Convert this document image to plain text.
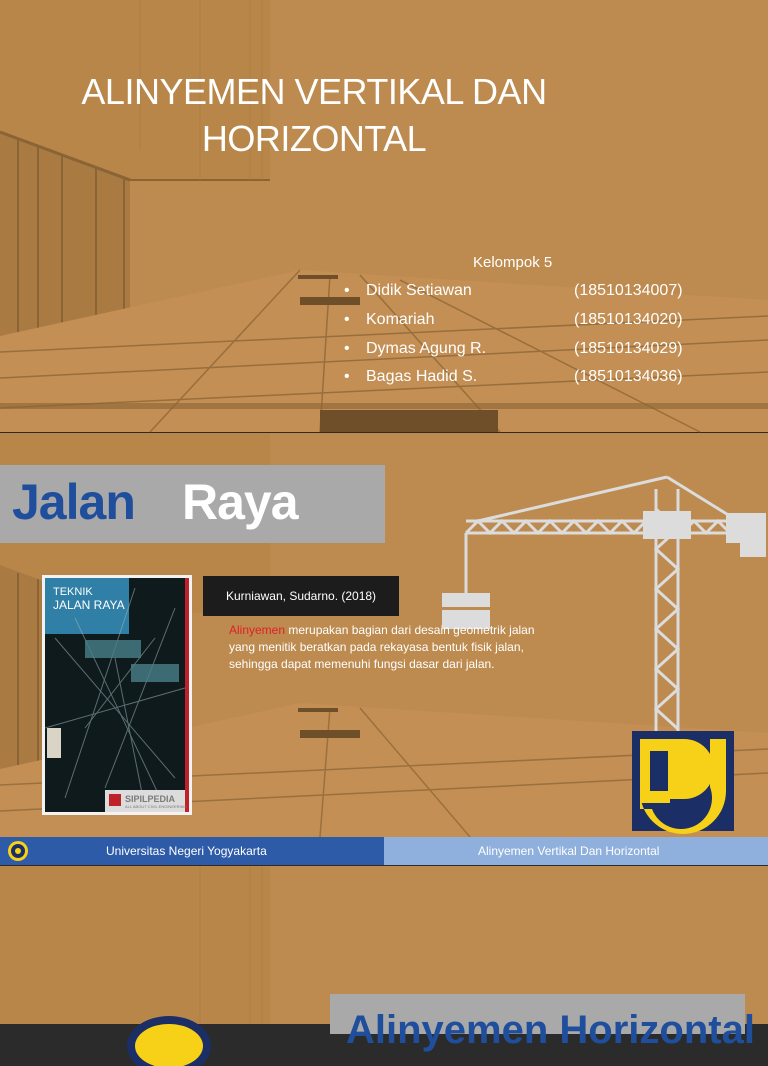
ALINYEMEN VERTIKAL DAN HORIZONTAL
Kelompok 5
• Didik Setiawan	(18510134007)
• Komariah	(18510134020)
• Dymas Agung R.	(18510134029)
• Bagas Hadid S.	(18510134036)
Jalan Raya
TEKNIK
JALAN RAYA
SIPILPEDIA
ALL ABOUT CIVIL ENGINEERING
Kurniawan, Sudarno. (2018)
Alinyemen merupakan bagian dari desain geometrik jalan yang menitik beratkan pada rekayasa bentuk fisik jalan, sehingga dapat memenuhi fungsi dasar dari jalan.
Universitas Negeri Yogyakarta	Alinyemen Vertikal Dan Horizontal
Alinyemen Horizontal
